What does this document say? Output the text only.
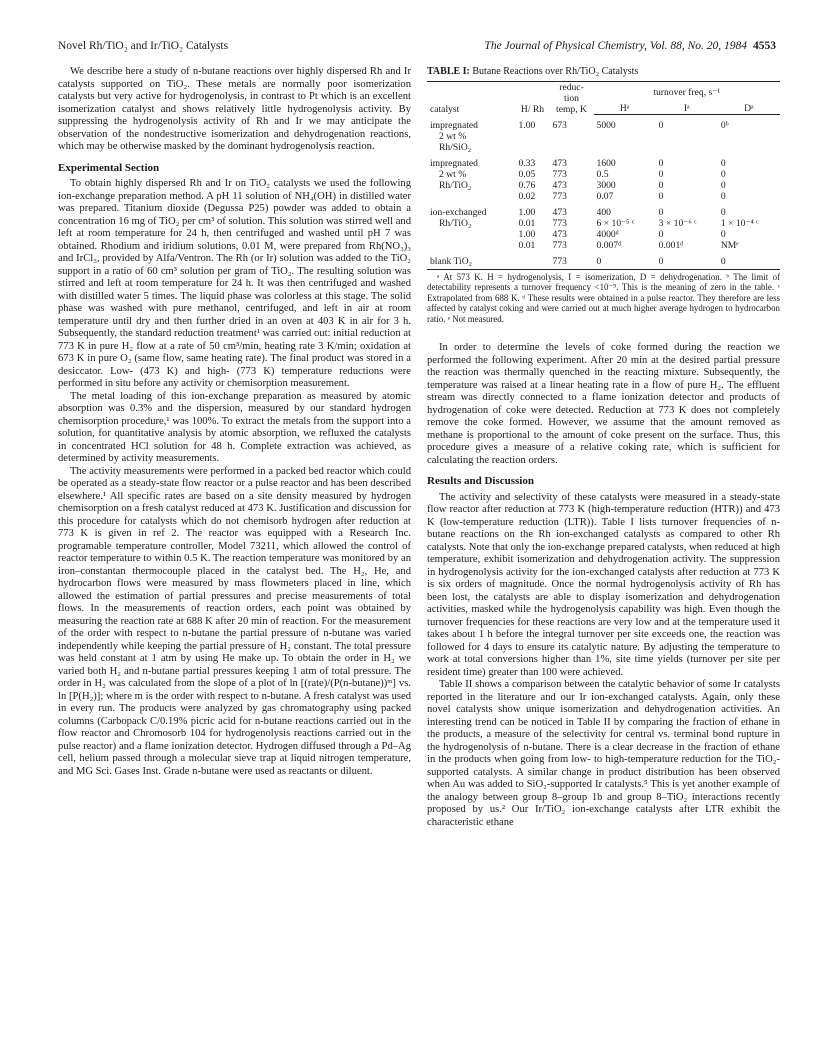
Novel Rh/TiO₂ and Ir/TiO₂ Catalysts	The Journal of Physical Chemistry, Vol. 88, No. 20, 1984 4553

We describe here a study of n-butane reactions over highly dispersed Rh and Ir catalysts supported on TiO₂. These metals are normally poor isomerization catalysts but very active for hydrogenolysis, in contrast to Pt which is an excellent isomerization catalyst and shows relatively little hydrogenolysis activity. By suppressing the hydrogenolysis activity of Rh and Ir we may anticipate the observation of the nondestructive isomerization and dehydrogenation reactions, which may be otherwise masked by the dominant hydrogenolysis reaction.

Experimental Section

To obtain highly dispersed Rh and Ir on TiO₂ catalysts we used the following ion-exchange preparation method. A pH 11 solution of NH₄(OH) in distilled water was prepared. Titanium dioxide (Degussa P25) powder was added to obtain a concentration 16 mg of TiO₂ per cm³ of solution. This solution was stirred well and left at room temperature for 24 h, then centrifuged and washed until pH 7 was obtained. Rhodium and iridium solutions, 0.01 M, were prepared from Rh(NO₃)₃ and IrCl₃, provided by Alfa/Ventron. The Rh (or Ir) solution was added to the TiO₂ support in a ratio of 60 cm³ solution per gram of TiO₂. The resulting solution was stirred and left at room temperature for 24 h. It was then centrifuged and washed with distilled water 5 times. The liquid phase was colorless at this stage. The solid phase was washed with pure methanol, centrifuged, and left in air at room temperature until dry and then further dried in an oven at 403 K in air for 3 h. Subsequently, the standard reduction treatment¹ was carried out: initial reduction at 773 K in pure H₂ flow at a rate of 50 cm³/min, heating rate 3 K/min; oxidation at 673 K in pure O₂ (same flow, same heating rate). The final product was stored in a desiccator. Low- (473 K) and high- (773 K) temperature reductions were performed in situ before any activity or chemisorption measurement.

The metal loading of this ion-exchange preparation as measured by atomic absorption was 0.3% and the dispersion, measured by our standard hydrogen chemisorption procedure,¹ was 100%. To extract the metals from the support into a solution, for quantitative analysis by atomic absorption, we refluxed the catalysts in concentrated HCl solution for 48 h. Complete extraction was achieved, as determined by activity measurements.

The activity measurements were performed in a packed bed reactor which could be operated as a steady-state flow reactor or a pulse reactor and has been described elsewhere.¹ All specific rates are based on a site density measured by hydrogen chemisorption on a fresh catalyst reduced at 473 K. Justification and discussion for this procedure for catalysts which do not chemisorb hydrogen after reduction at 773 K is given in ref 2. The reactor was equipped with a Research Inc. programable temperature controller, Model 73211, which allowed the control of reactor temperature to within 0.5 K. The reaction temperature was monitored by an iron–constantan thermocouple placed in the catalyst bed. The H₂, He, and hydrocarbon flows were measured by mass flowmeters placed in line, which allowed the estimation of partial pressures and precise measurements of total flows. In the measurements of reaction orders, each point was obtained by measuring the reaction rate at 688 K after 20 min of reaction. For the measurement of the order with respect to n-butane the partial pressure of n-butane was varied independently while keeping the partial pressure of H₂ constant. The total pressure was held constant at 1 atm by using He make up. To obtain the order in H₂ we varied both H₂ and n-butane partial pressures keeping 1 atm of total pressure. The order in H₂ was calculated from the slope of a plot of ln [(rate)/(P(n-butane))ᵐ] vs. ln [P(H₂)]; where m is the order with respect to n-butane. A fresh catalyst was used in every run. The products were analyzed by gas chromatography using packed columns (Carbopack C/0.19% picric acid for n-butane reactions carried out in the flow reactor and Chromosorb 104 for hydrogenolysis reactions carried out in the pulse reactor) and a flame ionization detector. Hydrogen diffused through a Pd–Ag cell, helium passed through a molecular sieve trap at liquid nitrogen temperature, and MG Sci. Gases Inst. Grade n-butane were used as reactants or diluent.

TABLE I: Butane Reactions over Rh/TiO₂ Catalysts
catalyst	H/ Rh	reduc- tion temp, K	turnover freq, s⁻¹		
			Hᵃ	Iᵃ	Dᵃ
impregnated	1.00	673	5000	0	0ᵇ
2 wt %					
Rh/SiO₂					
impregnated	0.33	473	1600	0	0
2 wt %	0.05	773	0.5	0	0
Rh/TiO₂	0.76	473	3000	0	0
	0.02	773	0.07	0	0
ion-exchanged	1.00	473	400	0	0
Rh/TiO₂	0.01	773	6 × 10⁻⁵ ᶜ	3 × 10⁻⁶ ᶜ	1 × 10⁻⁴ ᶜ
	1.00	473	4000ᵈ	0	0
	0.01	773	0.007ᵈ	0.001ᵈ	NMᵉ
blank TiO₂		773	0	0	0
ᵃ At 573 K. H = hydrogenolysis, I = isomerization, D = dehydrogenation. ᵇ The limit of detectability represents a turnover frequency <10⁻⁹. This is the meaning of zero in the table. ᶜ Extrapolated from 688 K. ᵈ These results were obtained in a pulse reactor. They therefore are less affected by catalyst coking and were carried out at much higher average hydrogen to hydrocarbon ratio. ᵉ Not measured.

In order to determine the levels of coke formed during the reaction we performed the following experiment. After 20 min at the desired partial pressure the reaction was thermally quenched in the reacting mixture. Subsequently, the temperature was raised at a linear heating rate in a flow of pure H₂. The effluent stream was directly connected to a flame ionization detector and products of hydrogenation of coke were detected. Reduction at 773 K does not completely remove the coke formed. However, we assume that the amount removed as methane is proportional to the amount of coke present on the surface. Thus, this procedure gives a measure of a relative coking rate, which is sufficient for calculating the reaction orders.

Results and Discussion

The activity and selectivity of these catalysts were measured in a steady-state flow reactor after reduction at 773 K (high-temperature reduction (HTR)) and 473 K (low-temperature reduction (LTR)). Table I lists turnover frequencies of n-butane reactions on the Rh ion-exchanged catalysts as compared to other Rh catalysts. Note that only the ion-exchange prepared catalysts, when reduced at high temperature, exhibit isomerization and dehydrogenation activity. The suppression in hydrogenolysis activity for the ion-exchanged catalysts after reduction at 773 K is six orders of magnitude. Once the normal hydrogenolysis activity of Rh has been lost, the catalysts are able to display isomerization and dehydrogenation activities, masked while the hydrogenolysis capability was high. Even though the turnover frequencies for these reactions are very low and at the temperature used it takes about 1 h before the integral turnover per site exceeds one, the reaction was followed for 4 days to ensure its catalytic nature. By adjusting the temperature to work at total conversions higher than 1%, site time yields (turnover per site per resident time) greater than 100 were achieved.

Table II shows a comparison between the catalytic behavior of some Ir catalysts reported in the literature and our Ir ion-exchanged catalysts. Again, only these novel catalysts show unique isomerization and dehydrogenation activities. An interesting trend can be noticed in Table II by comparing the fraction of ethane in the products, a measure of the selectivity for central vs. terminal bond rupture in the hydrogenolysis of n-butane. There is a clear decrease in the fraction of ethane in the products when going from low- to high-temperature reduction for the TiO₂-supported catalysts. A similar change in product distribution has been observed when Au was added to SiO₂-supported Ir catalysts.⁵ This is yet another example of the analogy between group 8–group 1b and group 8–TiO₂ interactions recently proposed by us.² Our Ir/TiO₂ ion-exchange catalysts after LTR exhibit the characteristic ethane
